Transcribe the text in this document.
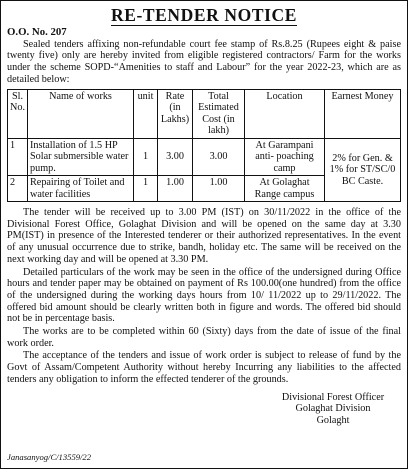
RE-TENDER NOTICE
O.O. No. 207

Sealed tenders affixing non-refundable court fee stamp of Rs.8.25 (Rupees eight & paise twenty five) only are hereby invited from eligible registered contractors/ Farm for the works under the scheme SOPD-“Amenities to staff and Labour” for the year 2022-23, which are as detailed below:

Sl. No.	Name of works	unit	Rate (in Lakhs)	Total Estimated Cost (in lakh)	Location	Earnest Money
1	Installation of 1.5 HP Solar submersible water pump.	1	3.00	3.00	At Garampani anti- poaching camp	2% for Gen. & 1% for ST/SC/0 BC Caste.
2	Repairing of Toilet and water facilities	1	1.00	1.00	At Golaghat Range campus	

The tender will be received up to 3.00 PM (IST) on 30/11/2022 in the office of the Divisional Forest Office, Golaghat Division and will be opened on the same day at 3.30 PM(IST) in presence of the Interested tenderer or their authorized representatives. In the event of any unusual occurrence due to strike, bandh, holiday etc. The same will be received on the next working day and will be opened at 3.30 PM.

Detailed particulars of the work may be seen in the office of the undersigned during Office hours and tender paper may be obtained on payment of Rs 100.00(one hundred) from the office of the undersigned during the working days hours from 10/ 11/2022 up to 29/11/2022. The offered bid amount should be clearly written both in figure and words. The offered bid should not be in percentage basis.

The works are to be completed within 60 (Sixty) days from the date of issue of the final work order.

The acceptance of the tenders and issue of work order is subject to release of fund by the Govt of Assam/Competent Authority without hereby Incurring any liabilities to the affected tenders any obligation to inform the effected tenderer of the grounds.

Divisional Forest Officer
Golaghat Division
Golaght
Janasanyog/C/13559/22
